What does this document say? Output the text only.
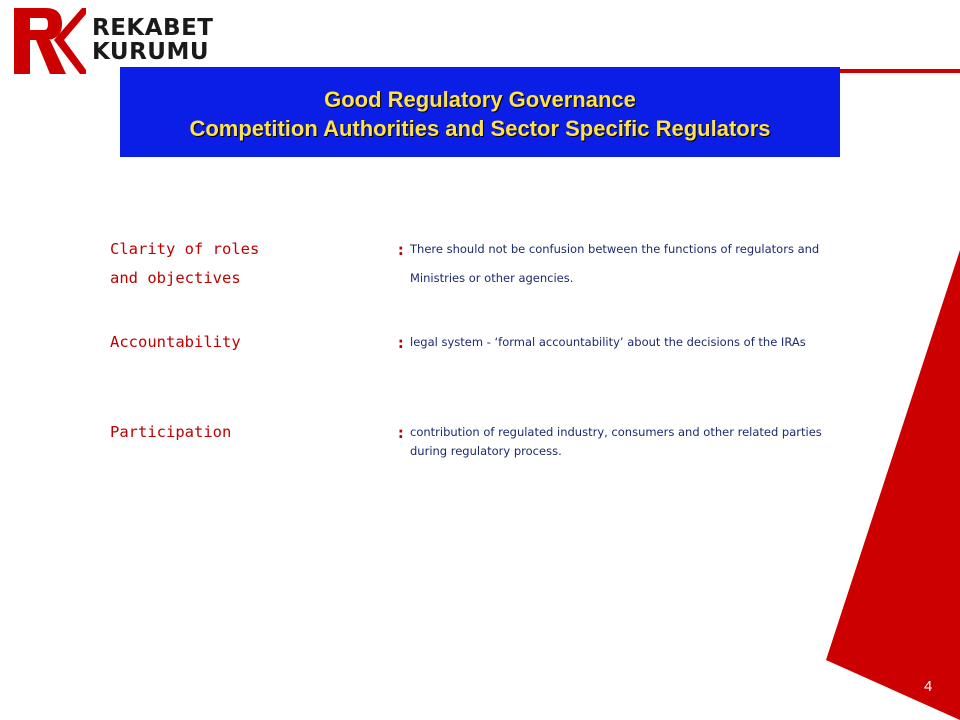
REKABET
KURUMU
Good Regulatory Governance
Competition Authorities and Sector Specific Regulators
Clarity of roles
and objectives
: There should not be confusion between the functions of regulators and
Ministries or other agencies.
Accountability	: legal system - ‘formal accountability’ about the decisions of the IRAs
Participation	: contribution of regulated industry, consumers and other related parties
during regulatory process.
4
